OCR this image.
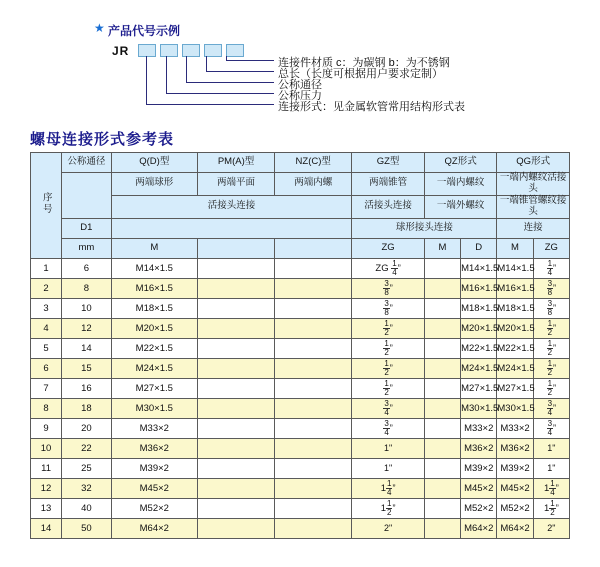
★ 产品代号示例
JR
连接件材质 c：为碳钢 b：为不锈钢
总长（长度可根据用户要求定制）
公称通径
公称压力
连接形式：见金属软管常用结构形式表
螺母连接形式参考表
序号	公称通径	Q(D)型	PM(A)型	NZ(C)型	GZ型	QZ形式		QG形式	
		两端球形	两端平面	两端内螺	两端锥管	一端内螺纹		一端内螺纹活接头	
		活接头连接			活接头连接	一端外螺纹		一端锥管螺纹接头	
	D1				球形接头连接			连接	
	mm	M			ZG	M	D	M	ZG
1	6	M14×1.5			ZG $\frac{1}{4}$ ”		M14×1.5	M14×1.5	$\frac{1}{4}$ ”
2	8	M16×1.5			$\frac{3}{8}$ ”		M16×1.5	M16×1.5	$\frac{3}{8}$ ”
3	10	M18×1.5			$\frac{3}{8}$ ”		M18×1.5	M18×1.5	$\frac{3}{8}$ ”
4	12	M20×1.5			$\frac{1}{2}$ ”		M20×1.5	M20×1.5	$\frac{1}{2}$ ”
5	14	M22×1.5			$\frac{1}{2}$ ”		M22×1.5	M22×1.5	$\frac{1}{2}$ ”
6	15	M24×1.5			$\frac{1}{2}$ ”		M24×1.5	M24×1.5	$\frac{1}{2}$ ”
7	16	M27×1.5			$\frac{1}{2}$ ”		M27×1.5	M27×1.5	$\frac{1}{2}$ ”
8	18	M30×1.5			$\frac{3}{4}$ ”		M30×1.5	M30×1.5	$\frac{3}{4}$ ”
9	20	M33×2			$\frac{3}{4}$ ”		M33×2	M33×2	$\frac{3}{4}$ ”
10	22	M36×2			1"		M36×2	M36×2	1"
11	25	M39×2			1"		M39×2	M39×2	1"
12	32	M45×2			$1 \frac{1}{4}$ ”		M45×2	M45×2	$1 \frac{1}{4}$ ”
13	40	M52×2			$1 \frac{1}{2}$ ”		M52×2	M52×2	$1 \frac{1}{2}$ ”
14	50	M64×2			2"		M64×2	M64×2	2"
